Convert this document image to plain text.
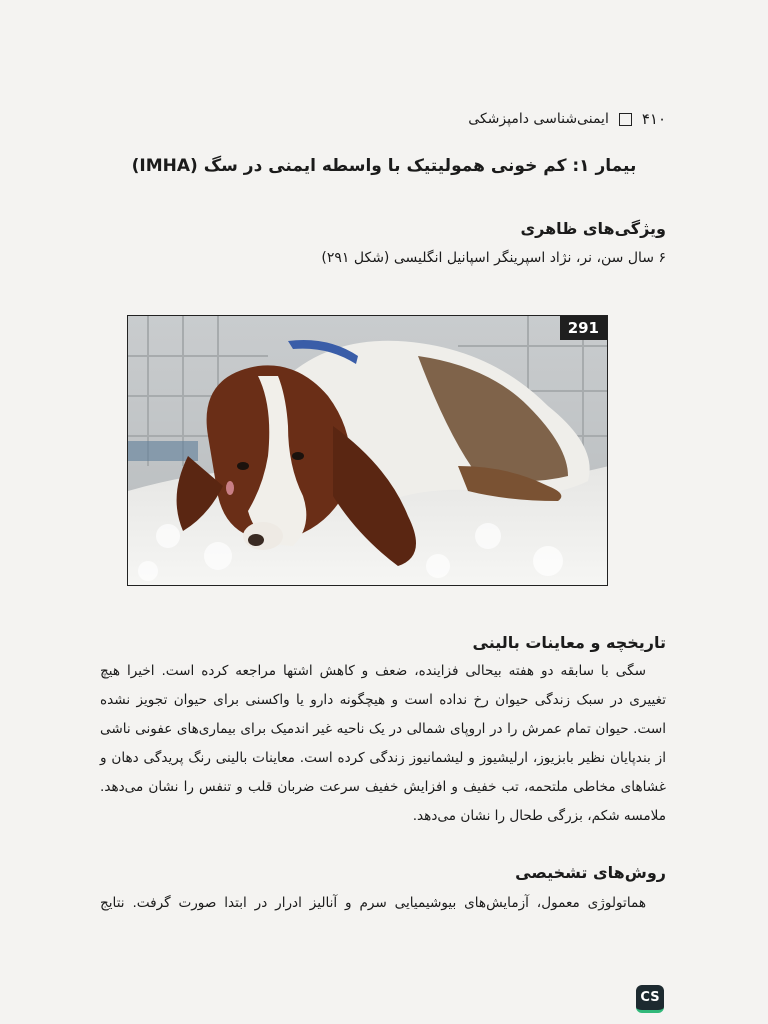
۴۱۰
ایمنی‌شناسی دامپزشکی
بیمار ۱: کم خونی همولیتیک با واسطه ایمنی در سگ (IMHA)
ویژگی‌های ظاهری
۶ سال سن، نر، نژاد اسپرینگر اسپانیل انگلیسی (شکل ۲۹۱)
291
تاریخچه و معاینات بالینی
سگی با سابقه دو هفته بیحالی فزاینده، ضعف و کاهش اشتها مراجعه کرده است. اخیرا هیچ
تغییری در سبک زندگی حیوان رخ نداده است و هیچگونه دارو یا واکسنی برای حیوان تجویز نشده
است. حیوان تمام عمرش را در اروپای شمالی در یک ناحیه غیر اندمیک برای بیماری‌های عفونی ناشی
از بندپایان نظیر بابزیوز، ارلیشیوز و لیشمانیوز زندگی کرده است. معاینات بالینی رنگ پریدگی دهان و
غشاهای مخاطی ملتحمه، تب خفیف و افزایش خفیف سرعت ضربان قلب و تنفس را نشان می‌دهد.
ملامسه شکم، بزرگی طحال را نشان می‌دهد.
روش‌های تشخیصی
هماتولوژی معمول، آزمایش‌های بیوشیمیایی سرم و آنالیز ادرار در ابتدا صورت گرفت. نتایج
CS
